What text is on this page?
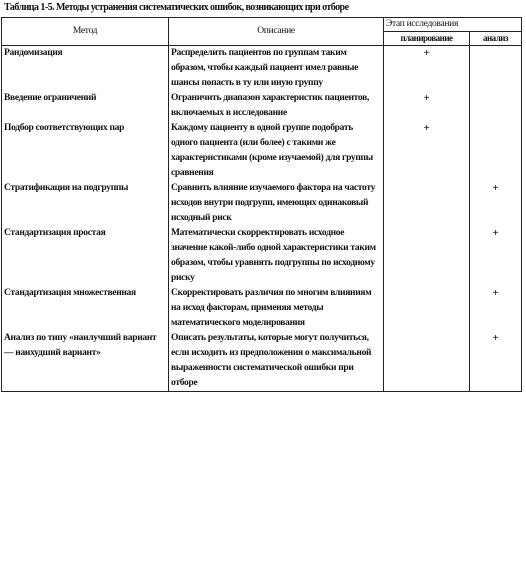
Таблица 1-5. Методы устранения систематических ошибок, возникающих при отборе
Метод	Описание	Этап исследования	
		планирование	анализ
Рандомизация	Распределить пациентов по группам таким образом, чтобы каждый пациент имел равные шансы попасть в ту или иную группу	+	
Введение ограничений	Ограничить диапазон характеристик пациентов, включаемых в исследование	+	
Подбор соответствующих пар	Каждому пациенту в одной группе подобрать одного пациента (или более) с такими же характеристиками (кроме изучаемой) для группы сравнения	+	
Стратификация на подгруппы	Сравнить влияние изучаемого фактора на частоту исходов внутри подгрупп, имеющих одинаковый исходный риск		+
Стандартизация простая	Математически скорректировать исходное значение какой-либо одной характеристики таким образом, чтобы уравнять подгруппы по исходному риску		+
Стандартизация множественная	Скорректировать различия по многим влияниям на исход факторам, применяя методы математического моделирования		+
Анализ по типу «наилучший вариант — наихудший вариант»	Описать результаты, которые могут получиться, если исходить из предположения о максимальной выраженности систематической ошибки при отборе		+
